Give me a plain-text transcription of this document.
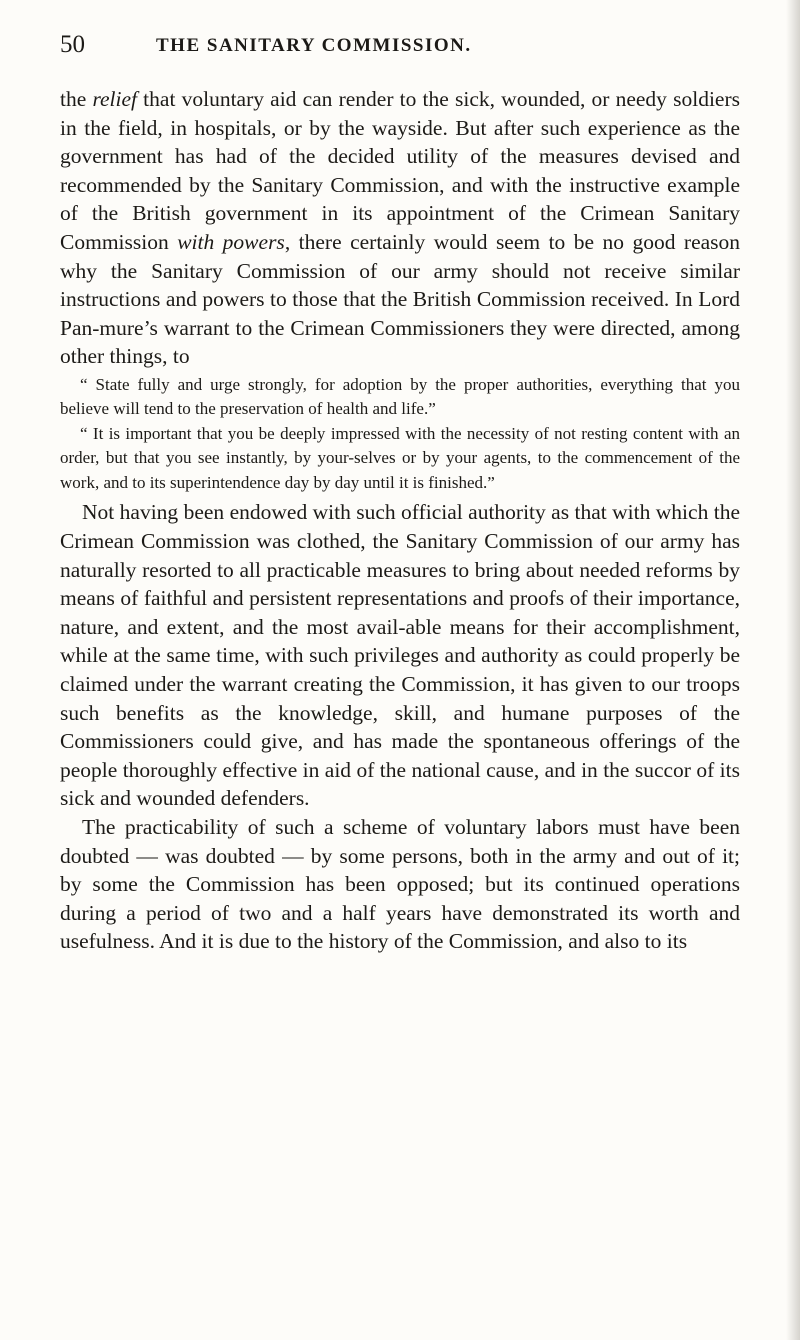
50	THE SANITARY COMMISSION.

the relief that voluntary aid can render to the sick, wounded, or needy soldiers in the field, in hospitals, or by the wayside. But after such experience as the government has had of the decided utility of the measures devised and recommended by the Sanitary Commission, and with the instructive example of the British government in its appointment of the Crimean Sanitary Commission with powers, there certainly would seem to be no good reason why the Sanitary Commission of our army should not receive similar instructions and powers to those that the British Commission received. In Lord Pan-mure’s warrant to the Crimean Commissioners they were directed, among other things, to

“ State fully and urge strongly, for adoption by the proper authorities, everything that you believe will tend to the preservation of health and life.”

“ It is important that you be deeply impressed with the necessity of not resting content with an order, but that you see instantly, by your-selves or by your agents, to the commencement of the work, and to its superintendence day by day until it is finished.”

Not having been endowed with such official authority as that with which the Crimean Commission was clothed, the Sanitary Commission of our army has naturally resorted to all practicable measures to bring about needed reforms by means of faithful and persistent representations and proofs of their importance, nature, and extent, and the most avail-able means for their accomplishment, while at the same time, with such privileges and authority as could properly be claimed under the warrant creating the Commission, it has given to our troops such benefits as the knowledge, skill, and humane purposes of the Commissioners could give, and has made the spontaneous offerings of the people thoroughly effective in aid of the national cause, and in the succor of its sick and wounded defenders.

The practicability of such a scheme of voluntary labors must have been doubted — was doubted — by some persons, both in the army and out of it; by some the Commission has been opposed; but its continued operations during a period of two and a half years have demonstrated its worth and usefulness. And it is due to the history of the Commission, and also to its
